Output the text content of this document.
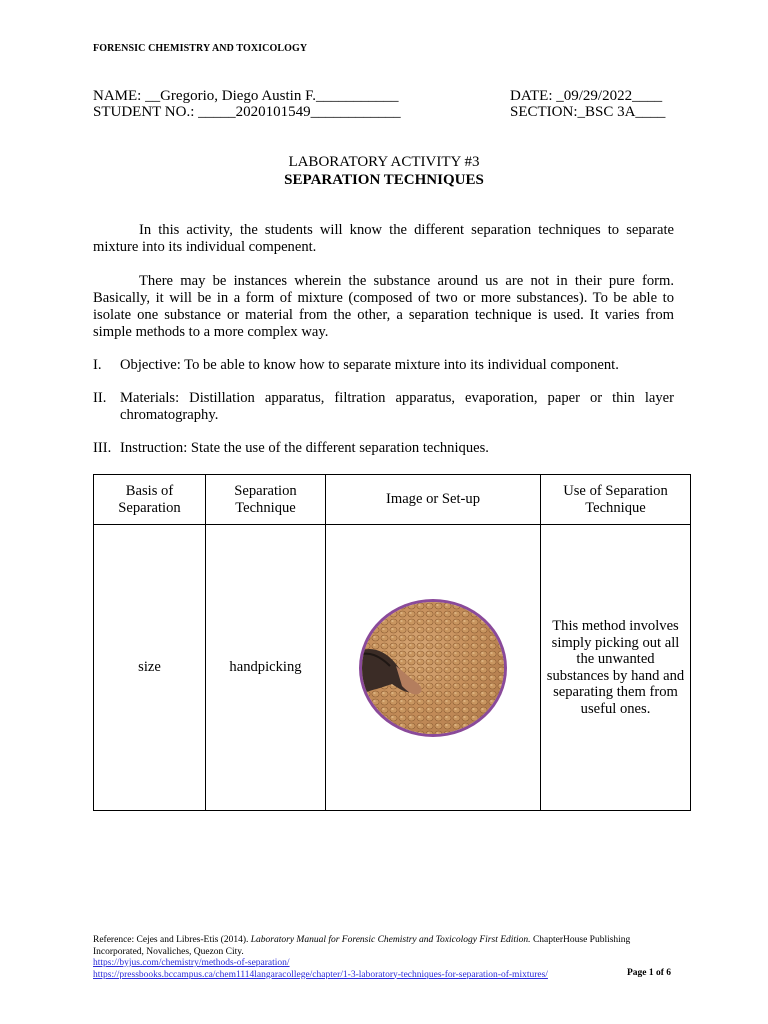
FORENSIC CHEMISTRY AND TOXICOLOGY
NAME: __Gregorio, Diego Austin F.___________	DATE: _09/29/2022____
STUDENT NO.: _____2020101549____________	SECTION:_BSC 3A____
LABORATORY ACTIVITY #3
SEPARATION TECHNIQUES
In this activity, the students will know the different separation techniques to separate mixture into its individual compenent.
There may be instances wherein the substance around us are not in their pure form. Basically, it will be in a form of mixture (composed of two or more substances). To be able to isolate one substance or material from the other, a separation technique is used. It varies from simple methods to a more complex way.
I. Objective: To be able to know how to separate mixture into its individual component.
II. Materials: Distillation apparatus, filtration apparatus, evaporation, paper or thin layer chromatography.
III. Instruction: State the use of the different separation techniques.
Basis of Separation	Separation Technique	Image or Set-up	Use of Separation Technique
size	handpicking		This method involves simply picking out all the unwanted substances by hand and separating them from useful ones.
Reference: Cejes and Libres-Etis (2014). Laboratory Manual for Forensic Chemistry and Toxicology First Edition. ChapterHouse Publishing Incorporated, Novaliches, Quezon City.
https://byjus.com/chemistry/methods-of-separation/
https://pressbooks.bccampus.ca/chem1114langaracollege/chapter/1-3-laboratory-techniques-for-separation-of-mixtures/	Page 1 of 6
